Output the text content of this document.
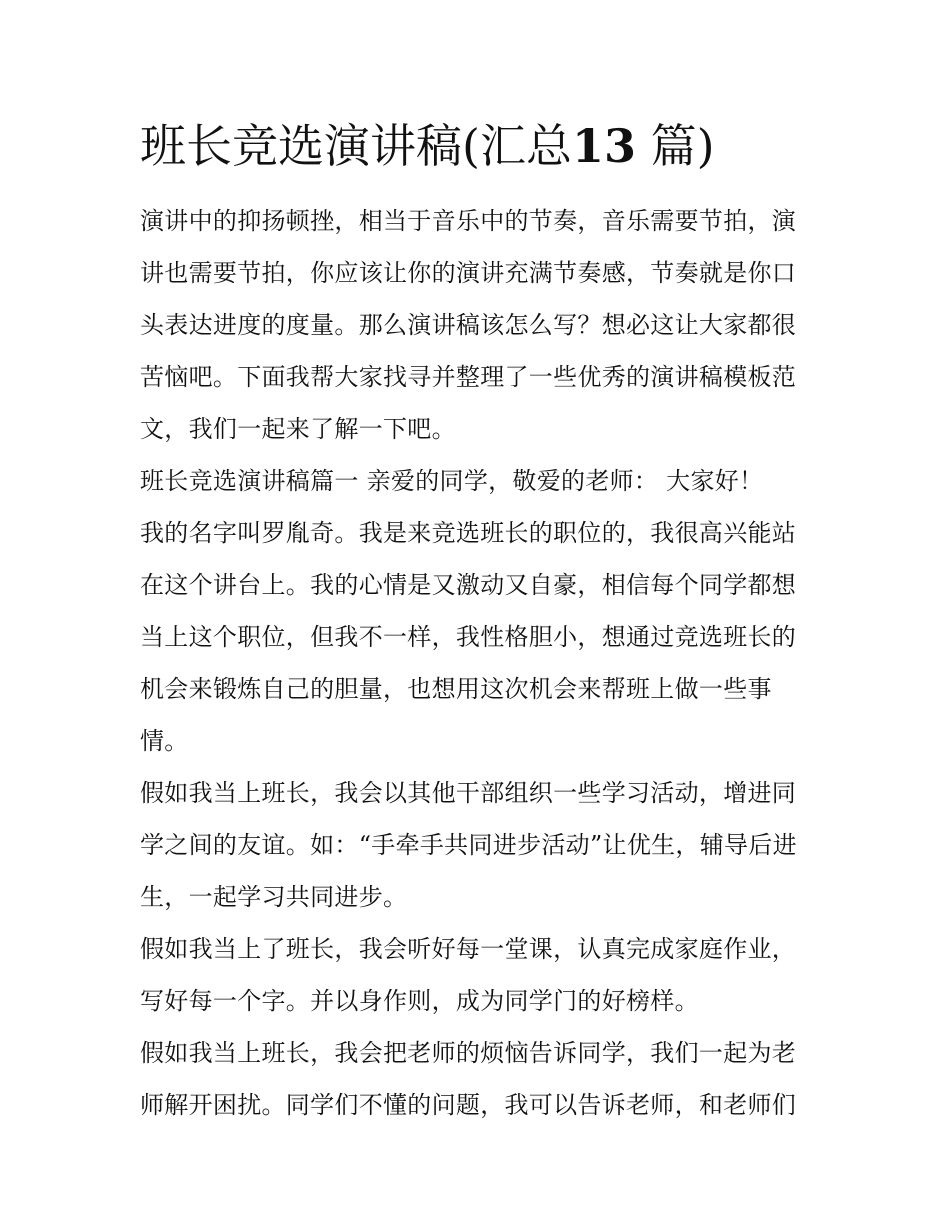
班长竞选演讲稿(汇总13 篇)

演讲中的抑扬顿挫，相当于音乐中的节奏，音乐需要节拍，演讲也需要节拍，你应该让你的演讲充满节奏感，节奏就是你口头表达进度的度量。那么演讲稿该怎么写？想必这让大家都很苦恼吧。下面我帮大家找寻并整理了一些优秀的演讲稿模板范文，我们一起来了解一下吧。

班长竞选演讲稿篇一 亲爱的同学，敬爱的老师： 大家好！

我的名字叫罗胤奇。我是来竞选班长的职位的，我很高兴能站在这个讲台上。我的心情是又激动又自豪，相信每个同学都想当上这个职位，但我不一样，我性格胆小，想通过竞选班长的机会来锻炼自己的胆量，也想用这次机会来帮班上做一些事情。

假如我当上班长，我会以其他干部组织一些学习活动，增进同学之间的友谊。如：“手牵手共同进步活动”让优生，辅导后进生，一起学习共同进步。

假如我当上了班长，我会听好每一堂课，认真完成家庭作业，写好每一个字。并以身作则，成为同学门的好榜样。

假如我当上班长，我会把老师的烦恼告诉同学，我们一起为老师解开困扰。同学们不懂的问题，我可以告诉老师，和老师们
